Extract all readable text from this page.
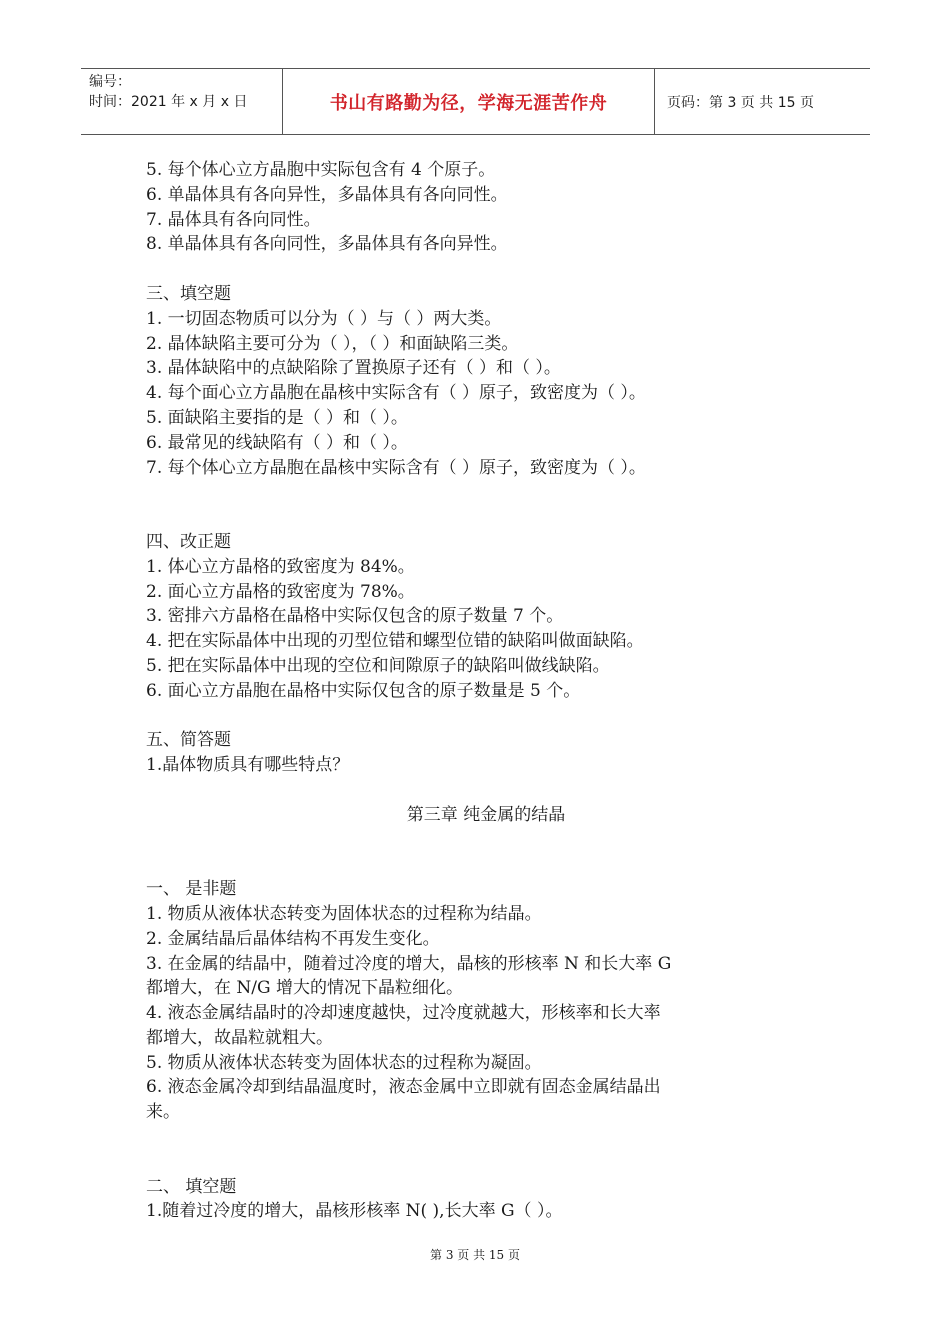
编号：
时间：2021 年 x 月 x 日	书山有路勤为径，学海无涯苦作舟	页码：第 3 页 共 15 页
5. 每个体心立方晶胞中实际包含有 4 个原子。
6. 单晶体具有各向异性，多晶体具有各向同性。
7. 晶体具有各向同性。
8. 单晶体具有各向同性，多晶体具有各向异性。
三、填空题
1. 一切固态物质可以分为（ ）与（ ）两大类。
2. 晶体缺陷主要可分为（ ），（ ）和面缺陷三类。
3. 晶体缺陷中的点缺陷除了置换原子还有（ ）和（ ）。
4. 每个面心立方晶胞在晶核中实际含有（ ）原子，致密度为（ ）。
5. 面缺陷主要指的是（ ）和（ ）。
6. 最常见的线缺陷有（ ）和（ ）。
7. 每个体心立方晶胞在晶核中实际含有（ ）原子，致密度为（ ）。
四、改正题
1. 体心立方晶格的致密度为 84%。
2. 面心立方晶格的致密度为 78%。
3. 密排六方晶格在晶格中实际仅包含的原子数量 7 个。
4. 把在实际晶体中出现的刃型位错和螺型位错的缺陷叫做面缺陷。
5. 把在实际晶体中出现的空位和间隙原子的缺陷叫做线缺陷。
6. 面心立方晶胞在晶格中实际仅包含的原子数量是 5 个。
五、简答题
1.晶体物质具有哪些特点？
第三章 纯金属的结晶
一、 是非题
1. 物质从液体状态转变为固体状态的过程称为结晶。
2. 金属结晶后晶体结构不再发生变化。
3. 在金属的结晶中，随着过冷度的增大，晶核的形核率 N 和长大率 G
都增大，在 N/G 增大的情况下晶粒细化。
4. 液态金属结晶时的冷却速度越快，过冷度就越大，形核率和长大率
都增大，故晶粒就粗大。
5. 物质从液体状态转变为固体状态的过程称为凝固。
6. 液态金属冷却到结晶温度时，液态金属中立即就有固态金属结晶出
来。
二、 填空题
1.随着过冷度的增大，晶核形核率 N( ),长大率 G（ ）。
第 3 页 共 15 页
